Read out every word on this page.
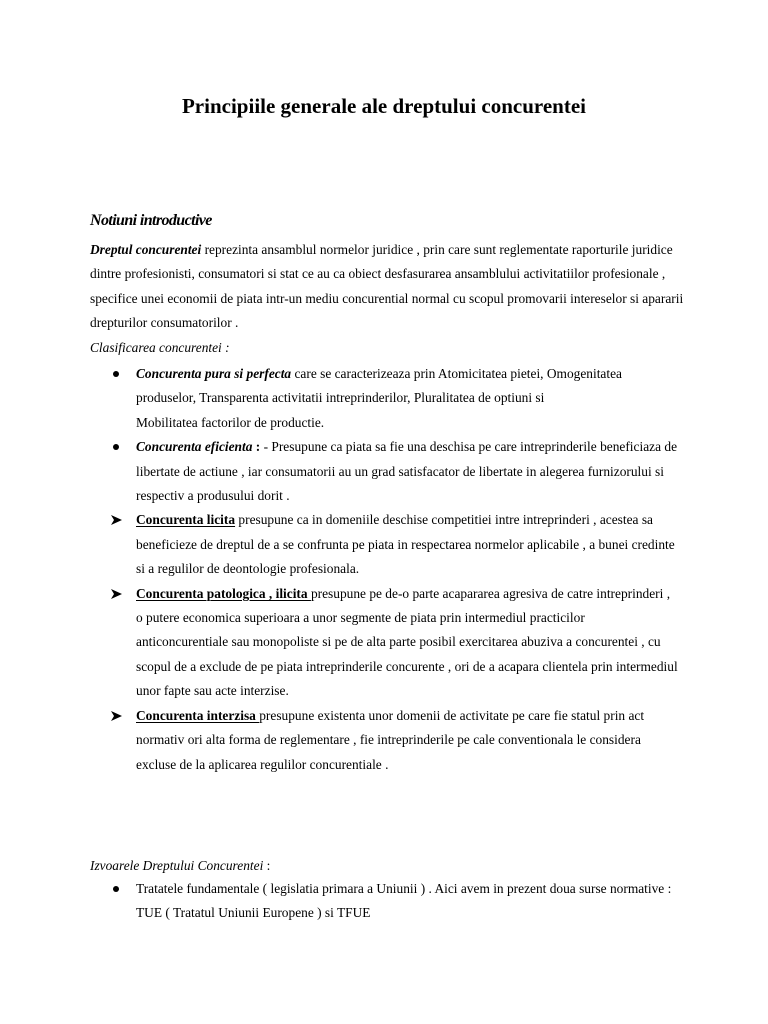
Principiile generale ale dreptului concurentei
Notiuni introductive
Dreptul concurentei reprezinta ansamblul normelor juridice , prin care sunt reglementate raporturile juridice dintre profesionisti, consumatori si stat ce au ca obiect desfasurarea ansamblului activitatiilor profesionale , specifice unei economii de piata intr-un mediu concurential normal cu scopul promovarii intereselor si apararii drepturilor consumatorilor .
Clasificarea concurentei :
Concurenta pura si perfecta care se caracterizeaza prin Atomicitatea pietei, Omogenitatea produselor, Transparenta activitatii intreprinderilor, Pluralitatea de optiuni si
Mobilitatea factorilor de productie.
Concurenta eficienta : - Presupune ca piata sa fie una deschisa pe care intreprinderile beneficiaza de libertate de actiune , iar consumatorii au un grad satisfacator de libertate in alegerea furnizorului si respectiv a produsului dorit .
Concurenta licita presupune ca in domeniile deschise competitiei intre intreprinderi , acestea sa beneficieze de dreptul de a se confrunta pe piata in respectarea normelor aplicabile , a bunei credinte si a regulilor de deontologie profesionala.
Concurenta patologica , ilicita presupune pe de-o parte acapararea agresiva de catre intreprinderi , o putere economica superioara a unor segmente de piata prin intermediul practicilor anticoncurentiale sau monopoliste si pe de alta parte posibil exercitarea abuziva a concurentei , cu scopul de a exclude de pe piata intreprinderile concurente , ori de a acapara clientela prin intermediul unor fapte sau acte interzise.
Concurenta interzisa presupune existenta unor domenii de activitate pe care fie statul prin act normativ ori alta forma de reglementare , fie intreprinderile pe cale conventionala le considera excluse de la aplicarea regulilor concurentiale .
Izvoarele Dreptului Concurentei :
Tratatele fundamentale ( legislatia primara a Uniunii ) . Aici avem in prezent doua surse normative : TUE ( Tratatul Uniunii Europene ) si TFUE
